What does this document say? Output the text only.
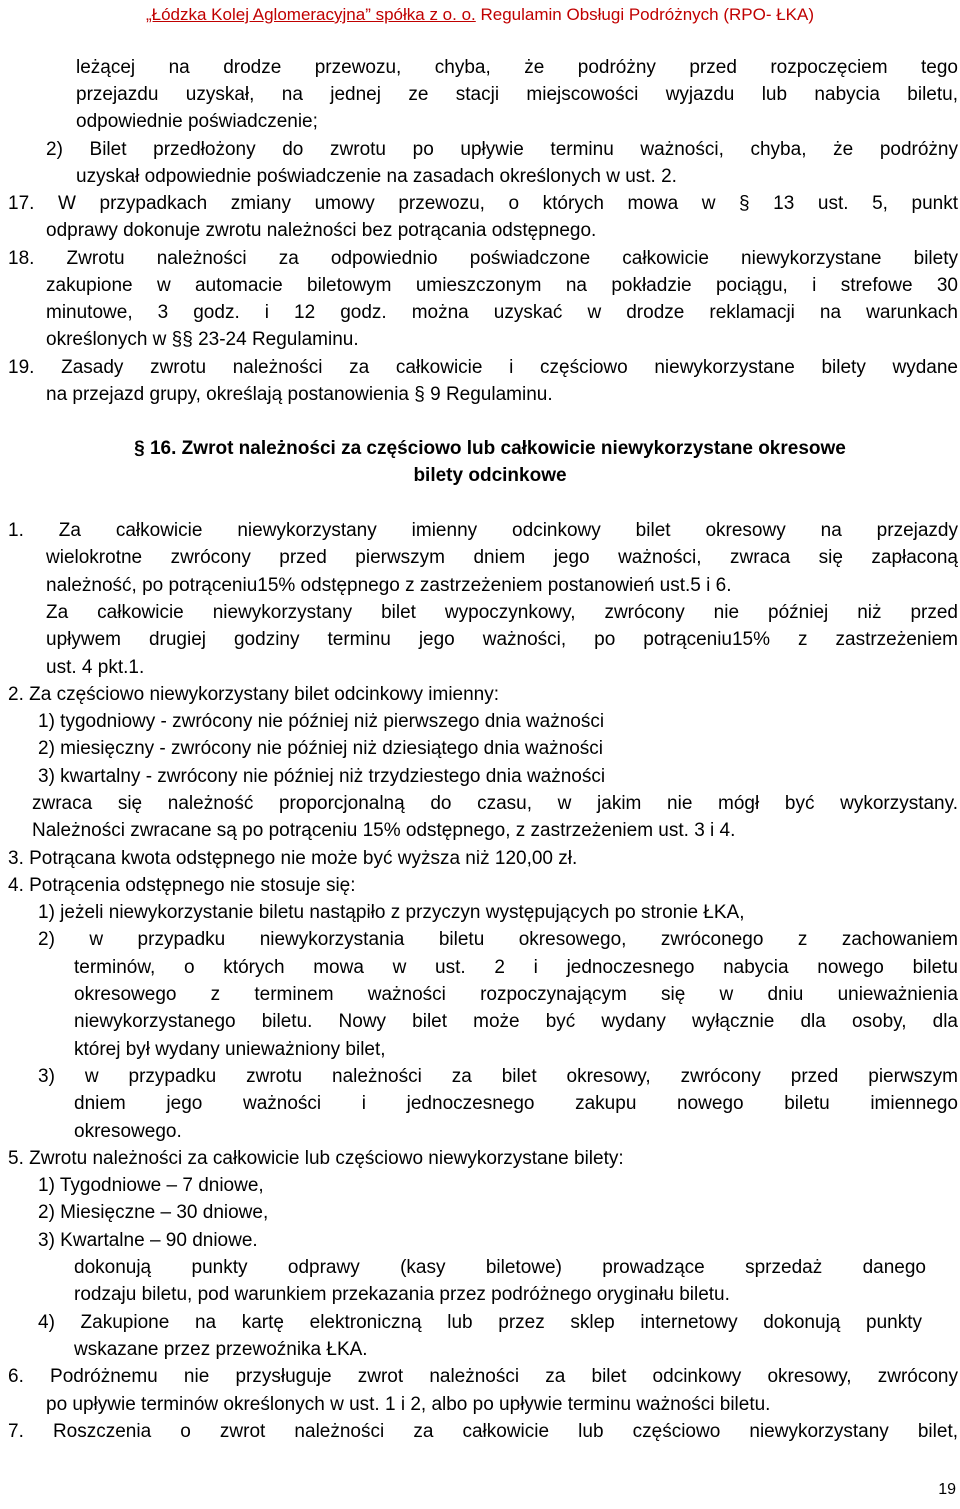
„Łódzka Kolej Aglomeracyjna” spółka z o. o. Regulamin Obsługi Podróżnych (RPO- ŁKA)
leżącej na drodze przewozu, chyba, że podróżny przed rozpoczęciem tego
przejazdu uzyskał, na jednej ze stacji miejscowości wyjazdu lub nabycia biletu,
odpowiednie poświadczenie;
2) Bilet przedłożony do zwrotu po upływie terminu ważności, chyba, że podróżny
uzyskał odpowiednie poświadczenie na zasadach określonych w ust. 2.
17. W przypadkach zmiany umowy przewozu, o których mowa w § 13 ust. 5, punkt
odprawy dokonuje zwrotu należności bez potrącania odstępnego.
18. Zwrotu należności za odpowiednio poświadczone całkowicie niewykorzystane bilety
zakupione w automacie biletowym umieszczonym na pokładzie pociągu, i strefowe 30
minutowe, 3 godz. i 12 godz. można uzyskać w drodze reklamacji na warunkach
określonych w §§ 23-24 Regulaminu.
19. Zasady zwrotu należności za całkowicie i częściowo niewykorzystane bilety wydane
na przejazd grupy, określają postanowienia § 9 Regulaminu.
§ 16. Zwrot należności za częściowo lub całkowicie niewykorzystane okresowe
bilety odcinkowe
1. Za całkowicie niewykorzystany imienny odcinkowy bilet okresowy na przejazdy
wielokrotne zwrócony przed pierwszym dniem jego ważności, zwraca się zapłaconą
należność, po potrąceniu15% odstępnego z zastrzeżeniem postanowień ust.5 i 6.
Za całkowicie niewykorzystany bilet wypoczynkowy, zwrócony nie później niż przed
upływem drugiej godziny terminu jego ważności, po potrąceniu15% z zastrzeżeniem
ust. 4 pkt.1.
2. Za częściowo niewykorzystany bilet odcinkowy imienny:
1) tygodniowy - zwrócony nie później niż pierwszego dnia ważności
2) miesięczny - zwrócony nie później niż dziesiątego dnia ważności
3) kwartalny - zwrócony nie później niż trzydziestego dnia ważności
zwraca się należność proporcjonalną do czasu, w jakim nie mógł być wykorzystany.
Należności zwracane są po potrąceniu 15% odstępnego, z zastrzeżeniem ust. 3 i 4.
3. Potrącana kwota odstępnego nie może być wyższa niż 120,00 zł.
4. Potrącenia odstępnego nie stosuje się:
1) jeżeli niewykorzystanie biletu nastąpiło z przyczyn występujących po stronie ŁKA,
2) w przypadku niewykorzystania biletu okresowego, zwróconego z zachowaniem
terminów, o których mowa w ust. 2 i jednoczesnego nabycia nowego biletu
okresowego z terminem ważności rozpoczynającym się w dniu unieważnienia
niewykorzystanego biletu. Nowy bilet może być wydany wyłącznie dla osoby, dla
której był wydany unieważniony bilet,
3) w przypadku zwrotu należności za bilet okresowy, zwrócony przed pierwszym
dniem jego ważności i jednoczesnego zakupu nowego biletu imiennego
okresowego.
5. Zwrotu należności za całkowicie lub częściowo niewykorzystane bilety:
1) Tygodniowe – 7 dniowe,
2) Miesięczne – 30 dniowe,
3) Kwartalne – 90 dniowe.
dokonują punkty odprawy (kasy biletowe) prowadzące sprzedaż danego
rodzaju biletu, pod warunkiem przekazania przez podróżnego oryginału biletu.
4) Zakupione na kartę elektroniczną lub przez sklep internetowy dokonują punkty
wskazane przez przewoźnika ŁKA.
6. Podróżnemu nie przysługuje zwrot należności za bilet odcinkowy okresowy, zwrócony
po upływie terminów określonych w ust. 1 i 2, albo po upływie terminu ważności biletu.
7. Roszczenia o zwrot należności za całkowicie lub częściowo niewykorzystany bilet,
19
